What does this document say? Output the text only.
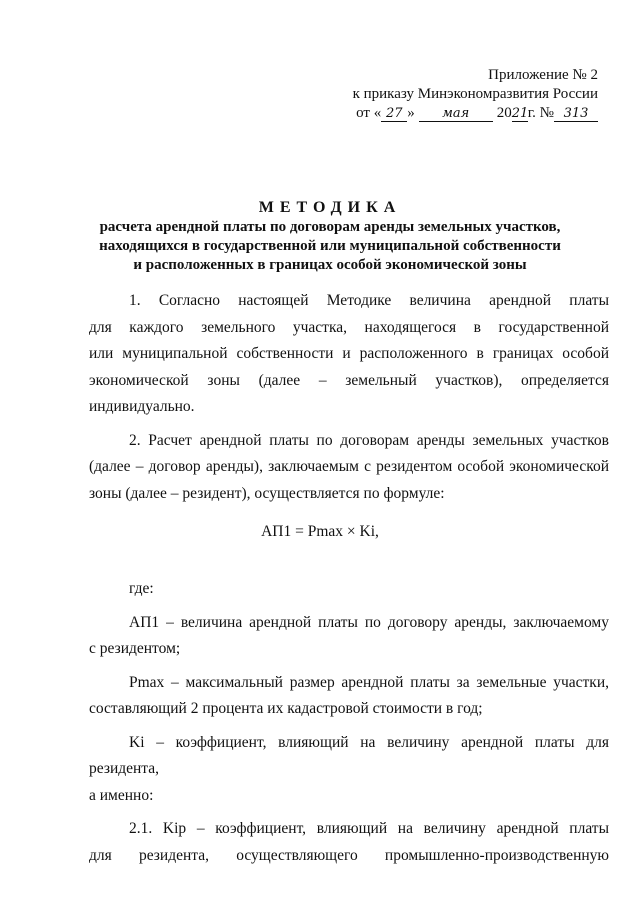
Приложение № 2
к приказу Минэкономразвития России
от « 27 »	мая	20 21 г. № 313
МЕТОДИКА
расчета арендной платы по договорам аренды земельных участков,
находящихся в государственной или муниципальной собственности
и расположенных в границах особой экономической зоны
1. Согласно настоящей Методике величина арендной платы
для каждого земельного участка, находящегося в государственной
или муниципальной собственности и расположенного в границах особой
экономической зоны (далее – земельный участков), определяется
индивидуально.
2. Расчет арендной платы по договорам аренды земельных участков
(далее – договор аренды), заключаемым с резидентом особой экономической
зоны (далее – резидент), осуществляется по формуле:
АП1 = Pmax × Ki,
где:
АП1 – величина арендной платы по договору аренды, заключаемому
с резидентом;
Pmax – максимальный размер арендной платы за земельные участки,
составляющий 2 процента их кадастровой стоимости в год;
Ki – коэффициент, влияющий на величину арендной платы для резидента,
а именно:
2.1. Kip – коэффициент, влияющий на величину арендной платы
для резидента, осуществляющего промышленно-производственную
